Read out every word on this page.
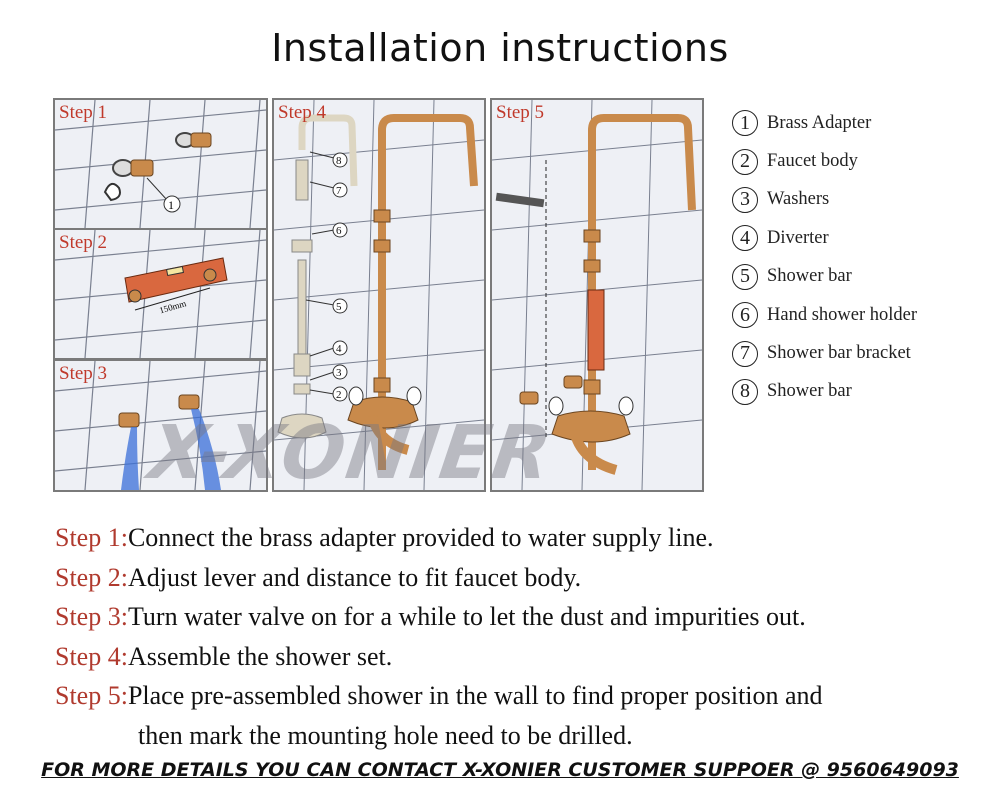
Installation instructions
1
Step 1
150mm
Step 2
Step 3
8
7
6
5
4
3
2
Step 4	Step 5	1 Brass Adapter
2 Faucet body
3 Washers
4 Diverter
5 Shower bar
6 Hand shower holder
7 Shower bar bracket
8 Shower bar
X-XONIER
Step 1:Connect the brass adapter provided to water supply line.
Step 2:Adjust lever and distance to fit faucet body.
Step 3:Turn water valve on for a while to let the dust and impurities out.
Step 4:Assemble the shower set.
Step 5:Place pre-assembled shower in the wall to find proper position and
then mark the mounting hole need to be drilled.
FOR MORE DETAILS YOU CAN CONTACT X-XONIER CUSTOMER SUPPOER @ 9560649093
